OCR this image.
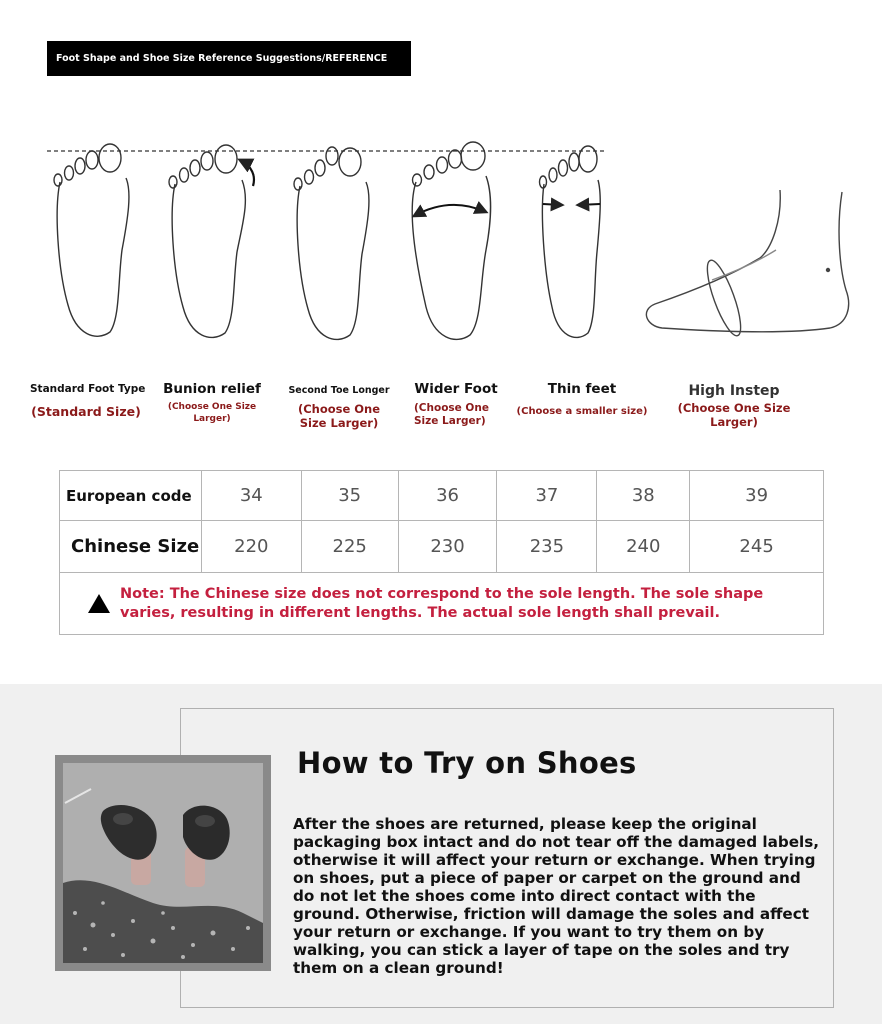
Foot Shape and Shoe Size Reference Suggestions/REFERENCE
Standard Foot Type
(Standard Size)
Bunion relief
(Choose One Size Larger)
Second Toe Longer
(Choose One Size Larger)
Wider Foot
(Choose One Size Larger)
Thin feet
(Choose a smaller size)
High Instep
(Choose One Size Larger)
European code	34	35	36	37	38	39
Chinese Size	220	225	230	235	240	245

Note: The Chinese size does not correspond to the sole length. The sole shape varies, resulting in different lengths. The actual sole length shall prevail.						
How to Try on Shoes
After the shoes are returned, please keep the original packaging box intact and do not tear off the damaged labels, otherwise it will affect your return or exchange. When trying on shoes, put a piece of paper or carpet on the ground and do not let the shoes come into direct contact with the ground. Otherwise, friction will damage the soles and affect your return or exchange. If you want to try them on by walking, you can stick a layer of tape on the soles and try them on a clean ground!
